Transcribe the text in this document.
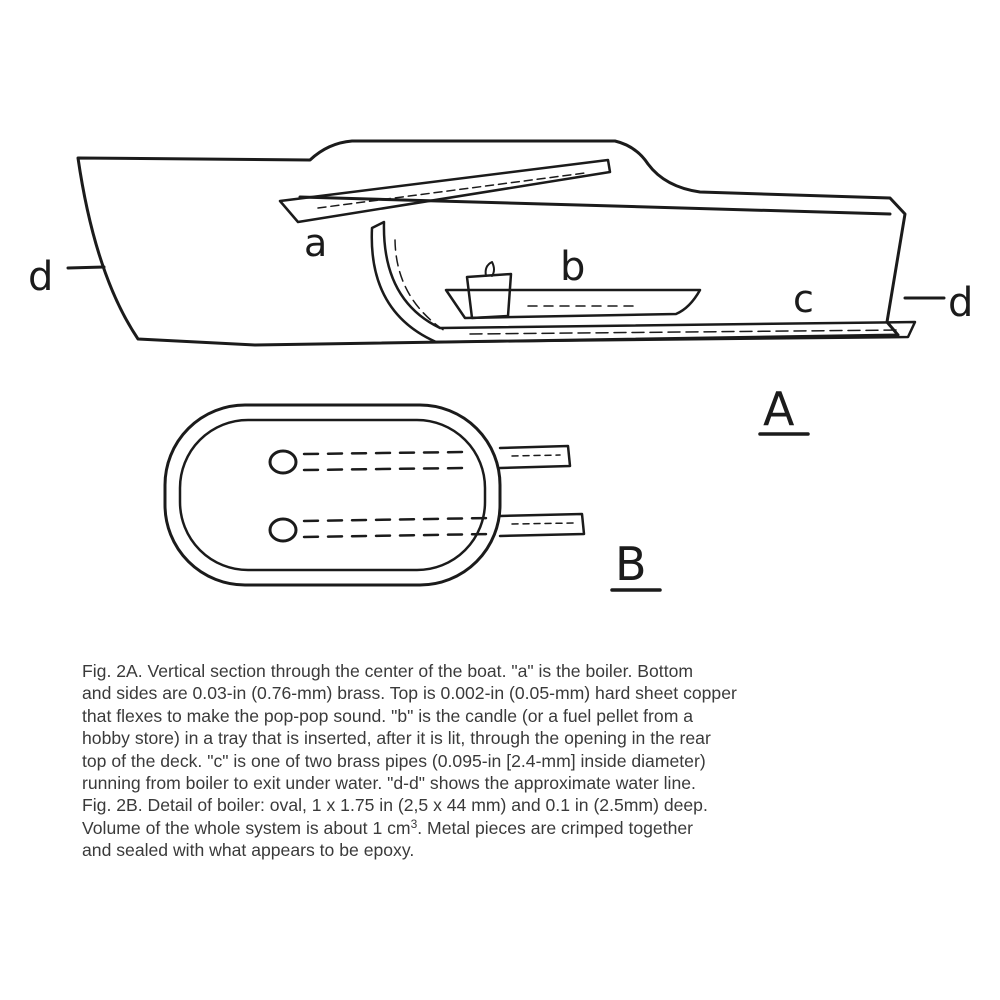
a
b
c
d
d
A
B
Fig. 2A. Vertical section through the center of the boat. "a" is the boiler. Bottom
and sides are 0.03-in (0.76-mm) brass. Top is 0.002-in (0.05-mm) hard sheet copper
that flexes to make the pop-pop sound. "b" is the candle (or a fuel pellet from a
hobby store) in a tray that is inserted, after it is lit, through the opening in the rear
top of the deck. "c" is one of two brass pipes (0.095-in [2.4-mm] inside diameter)
running from boiler to exit under water. "d-d" shows the approximate water line.
Fig. 2B. Detail of boiler: oval, 1 x 1.75 in (2,5 x 44 mm) and 0.1 in (2.5mm) deep.
Volume of the whole system is about 1 $cm^3$. Metal pieces are crimped together
and sealed with what appears to be epoxy.
